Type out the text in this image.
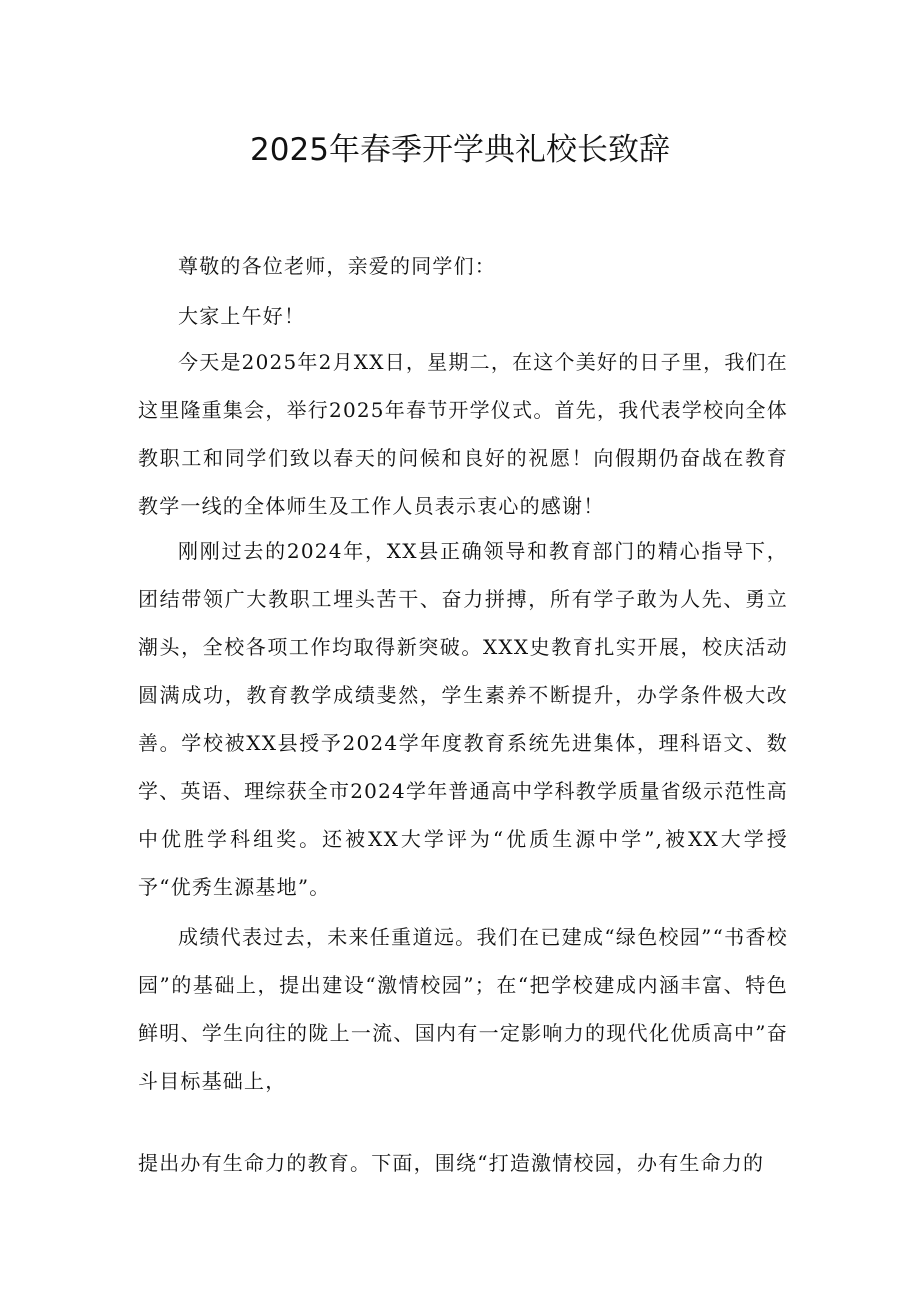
2025年春季开学典礼校长致辞

尊敬的各位老师，亲爱的同学们：

大家上午好！

今天是2025年2月XX日，星期二，在这个美好的日子里，我们在这里隆重集会，举行2025年春节开学仪式。首先，我代表学校向全体教职工和同学们致以春天的问候和良好的祝愿！向假期仍奋战在教育教学一线的全体师生及工作人员表示衷心的感谢！

刚刚过去的2024年，XX县正确领导和教育部门的精心指导下，团结带领广大教职工埋头苦干、奋力拼搏，所有学子敢为人先、勇立潮头，全校各项工作均取得新突破。XXX史教育扎实开展，校庆活动圆满成功，教育教学成绩斐然，学生素养不断提升，办学条件极大改善。学校被XX县授予2024学年度教育系统先进集体，理科语文、数学、英语、理综获全市2024学年普通高中学科教学质量省级示范性高中优胜学科组奖。还被XX大学评为“优质生源中学”,被XX大学授予“优秀生源基地”。

成绩代表过去，未来任重道远。我们在已建成“绿色校园”“书香校园”的基础上，提出建设“激情校园”；在“把学校建成内涵丰富、特色鲜明、学生向往的陇上一流、国内有一定影响力的现代化优质高中”奋斗目标基础上，

提出办有生命力的教育。下面，围绕“打造激情校园，办有生命力的
